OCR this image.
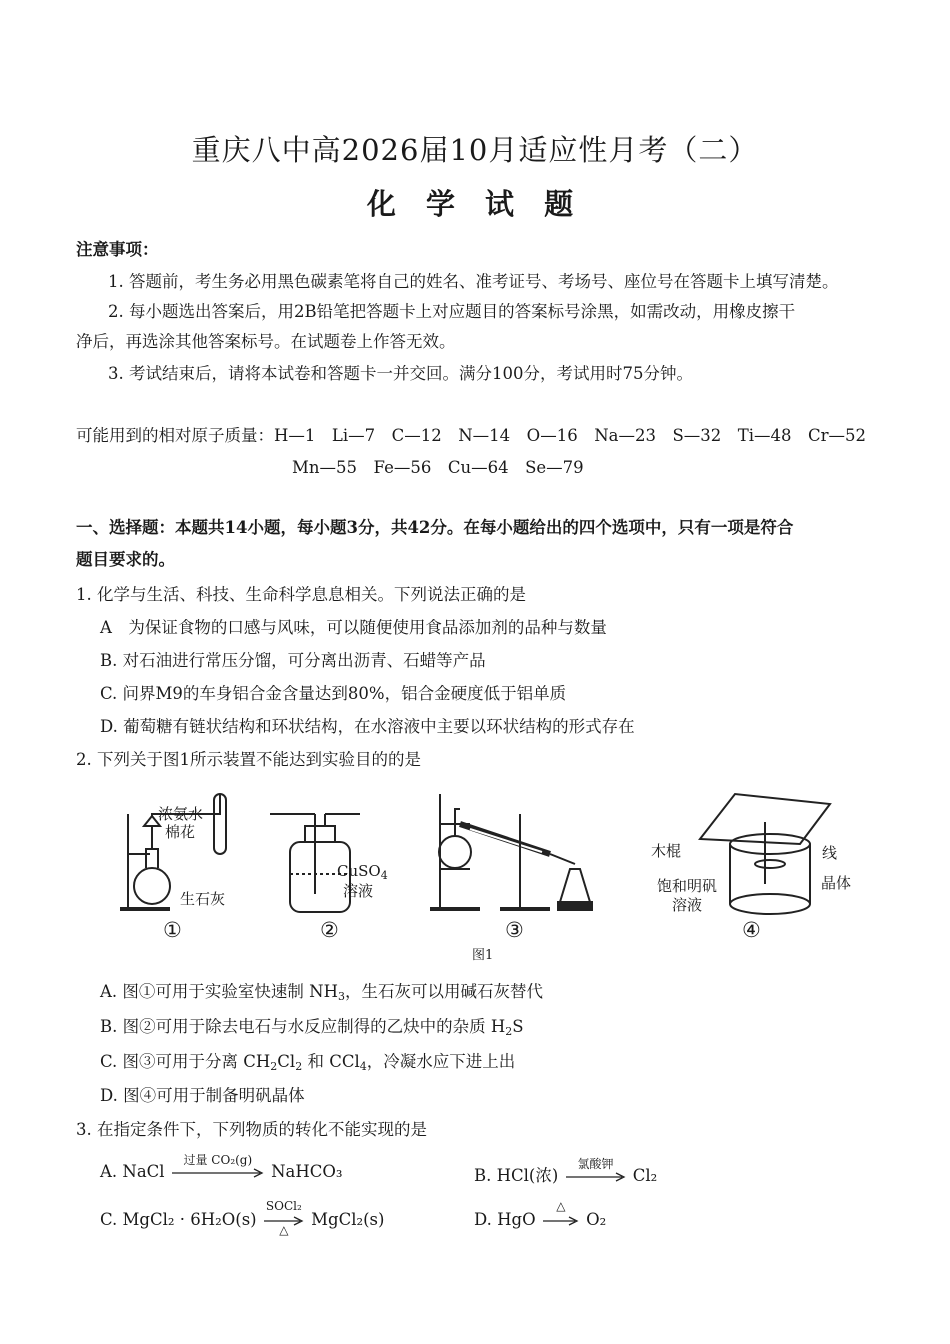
重庆八中高2026届10月适应性月考（二）
化 学 试 题
注意事项：
1. 答题前，考生务必用黑色碳素笔将自己的姓名、准考证号、考场号、座位号在答题卡上填写清楚。
2. 每小题选出答案后，用2B铅笔把答题卡上对应题目的答案标号涂黑，如需改动，用橡皮擦干
净后，再选涂其他答案标号。在试题卷上作答无效。
3. 考试结束后，请将本试卷和答题卡一并交回。满分100分，考试用时75分钟。
可能用到的相对原子质量：H—1　Li—7　C—12　N—14　O—16　Na—23　S—32　Ti—48　Cr—52
Mn—55　Fe—56　Cu—64　Se—79
一、选择题：本题共14小题，每小题3分，共42分。在每小题给出的四个选项中，只有一项是符合
题目要求的。
1. 化学与生活、科技、生命科学息息相关。下列说法正确的是
A　为保证食物的口感与风味，可以随便使用食品添加剂的品种与数量
B. 对石油进行常压分馏，可分离出沥青、石蜡等产品
C. 问界M9的车身铝合金含量达到80%，铝合金硬度低于铝单质
D. 葡萄糖有链状结构和环状结构，在水溶液中主要以环状结构的形式存在
2. 下列关于图1所示装置不能达到实验目的的是
浓氨水
棉花
生石灰
CuSO$_4$
溶液
木棍	线
饱和明矾
溶液
晶体
①	②	③	④
图1
A. 图①可用于实验室快速制 $NH_3$，生石灰可以用碱石灰替代
B. 图②可用于除去电石与水反应制得的乙炔中的杂质 $H_2S$
C. 图③可用于分离 $CH_2Cl_2$ 和 CCl$_4$，冷凝水应下进上出
D. 图④可用于制备明矾晶体
3. 在指定条件下，下列物质的转化不能实现的是
A. NaCl
过量 CO₂(g)
NaHCO₃	B. HCl(浓)
氯酸钾
Cl₂
C. MgCl₂ · 6H₂O(s)
SOCl₂
△
MgCl₂(s)	D. HgO
△
O₂
